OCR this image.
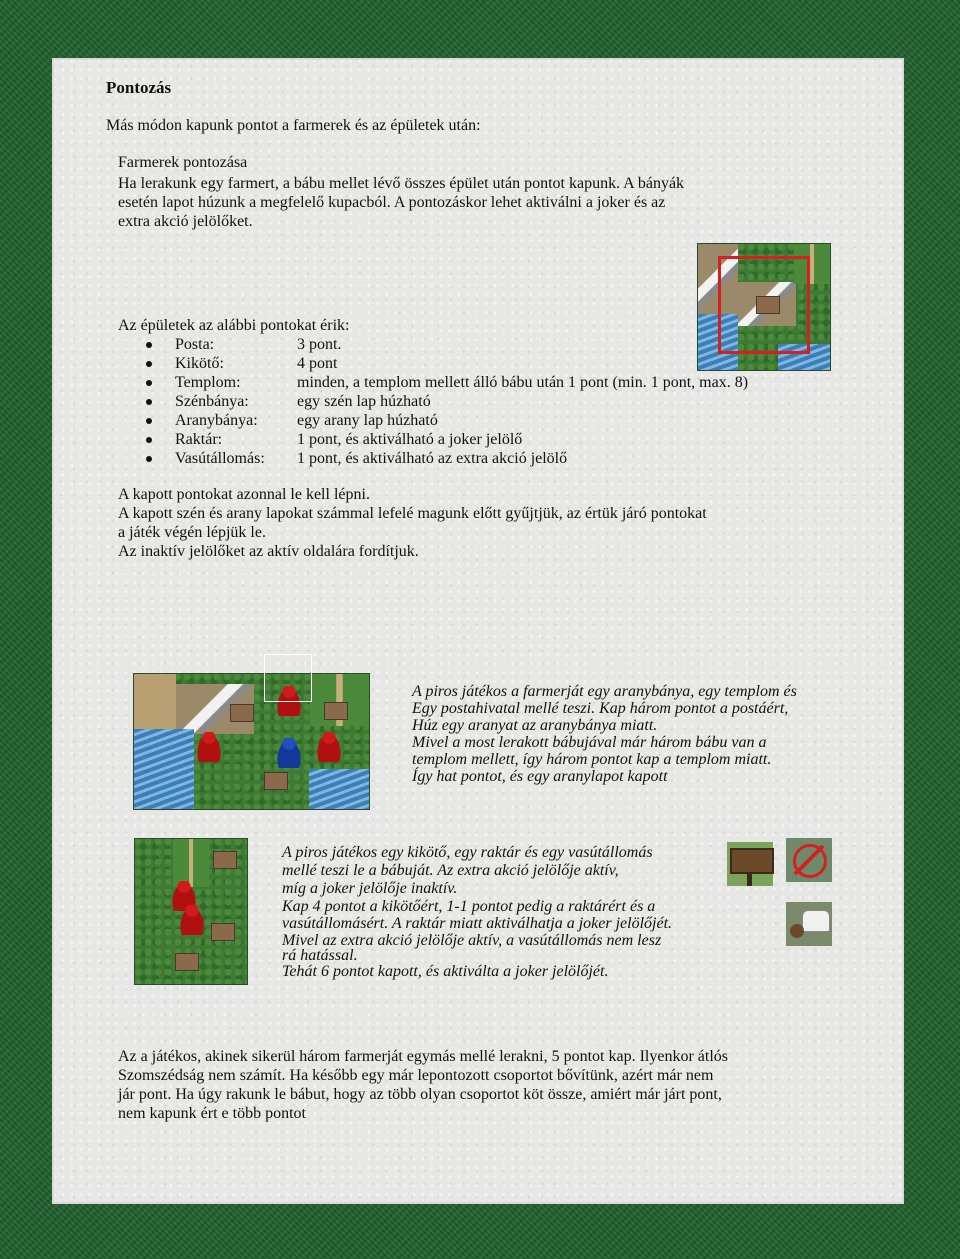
Pontozás
Más módon kapunk pontot a farmerek és az épületek után:
Farmerek pontozása
Ha lerakunk egy farmert, a bábu mellet lévő összes épület után pontot kapunk. A bányák
esetén lapot húzunk a megfelelő kupacból. A pontozáskor lehet aktiválni a joker és az
extra akció jelölőket.
Az épületek az alábbi pontokat érik:
Posta:	3 pont.
Kikötő:	4 pont
Templom:	minden, a templom mellett álló bábu után 1 pont (min. 1 pont, max. 8)
Szénbánya:	egy szén lap húzható
Aranybánya: egy arany lap húzható
Raktár:	1 pont, és aktiválható a joker jelölő
Vasútállomás: 1 pont, és aktiválható az extra akció jelölő
A kapott pontokat azonnal le kell lépni.
A kapott szén és arany lapokat számmal lefelé magunk előtt gyűjtjük, az értük járó pontokat
a játék végén lépjük le.
Az inaktív jelölőket az aktív oldalára fordítjuk.
A piros játékos a farmerját egy aranybánya, egy templom és
Egy postahivatal mellé teszi. Kap három pontot a postáért,
Húz egy aranyat az aranybánya miatt.
Mivel a most lerakott bábujával már három bábu van a
templom mellett, így három pontot kap a templom miatt.
Így hat pontot, és egy aranylapot kapott
A piros játékos egy kikötő, egy raktár és egy vasútállomás
mellé teszi le a bábuját. Az extra akció jelölője aktív,
míg a joker jelölője inaktív.
Kap 4 pontot a kikötőért, 1-1 pontot pedig a raktárért és a
vasútállomásért. A raktár miatt aktiválhatja a joker jelölőjét.
Mivel az extra akció jelölője aktív, a vasútállomás nem lesz
rá hatással.
Tehát 6 pontot kapott, és aktiválta a joker jelölőjét.
Az a játékos, akinek sikerül három farmerját egymás mellé lerakni, 5 pontot kap. Ilyenkor átlós
Szomszédság nem számít. Ha később egy már lepontozott csoportot bővítünk, azért már nem
jár pont. Ha úgy rakunk le bábut, hogy az több olyan csoportot köt össze, amiért már járt pont,
nem kapunk ért e több pontot
